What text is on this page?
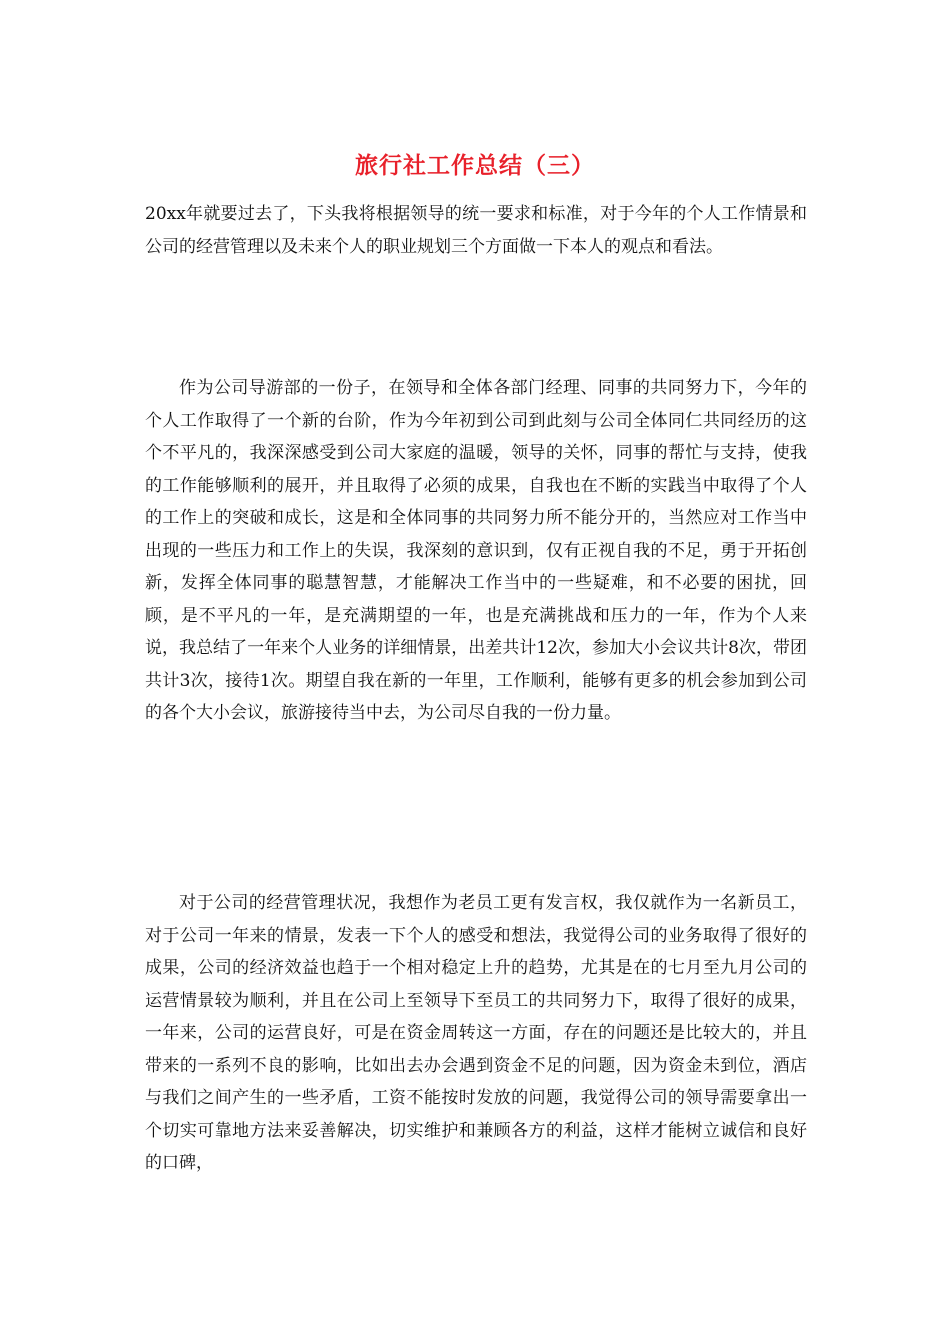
旅行社工作总结（三）

20xx年就要过去了，下头我将根据领导的统一要求和标准，对于今年的个人工作情景和公司的经营管理以及未来个人的职业规划三个方面做一下本人的观点和看法。

作为公司导游部的一份子，在领导和全体各部门经理、同事的共同努力下，今年的个人工作取得了一个新的台阶，作为今年初到公司到此刻与公司全体同仁共同经历的这个不平凡的，我深深感受到公司大家庭的温暖，领导的关怀，同事的帮忙与支持，使我的工作能够顺利的展开，并且取得了必须的成果，自我也在不断的实践当中取得了个人的工作上的突破和成长，这是和全体同事的共同努力所不能分开的，当然应对工作当中出现的一些压力和工作上的失误，我深刻的意识到，仅有正视自我的不足，勇于开拓创新，发挥全体同事的聪慧智慧，才能解决工作当中的一些疑难，和不必要的困扰，回顾，是不平凡的一年，是充满期望的一年，也是充满挑战和压力的一年，作为个人来说，我总结了一年来个人业务的详细情景，出差共计12次，参加大小会议共计8次，带团共计3次，接待1次。期望自我在新的一年里，工作顺利，能够有更多的机会参加到公司的各个大小会议，旅游接待当中去，为公司尽自我的一份力量。

对于公司的经营管理状况，我想作为老员工更有发言权，我仅就作为一名新员工，对于公司一年来的情景，发表一下个人的感受和想法，我觉得公司的业务取得了很好的成果，公司的经济效益也趋于一个相对稳定上升的趋势，尤其是在的七月至九月公司的运营情景较为顺利，并且在公司上至领导下至员工的共同努力下，取得了很好的成果，一年来，公司的运营良好，可是在资金周转这一方面，存在的问题还是比较大的，并且带来的一系列不良的影响，比如出去办会遇到资金不足的问题，因为资金未到位，酒店与我们之间产生的一些矛盾，工资不能按时发放的问题，我觉得公司的领导需要拿出一个切实可靠地方法来妥善解决，切实维护和兼顾各方的利益，这样才能树立诚信和良好的口碑，
